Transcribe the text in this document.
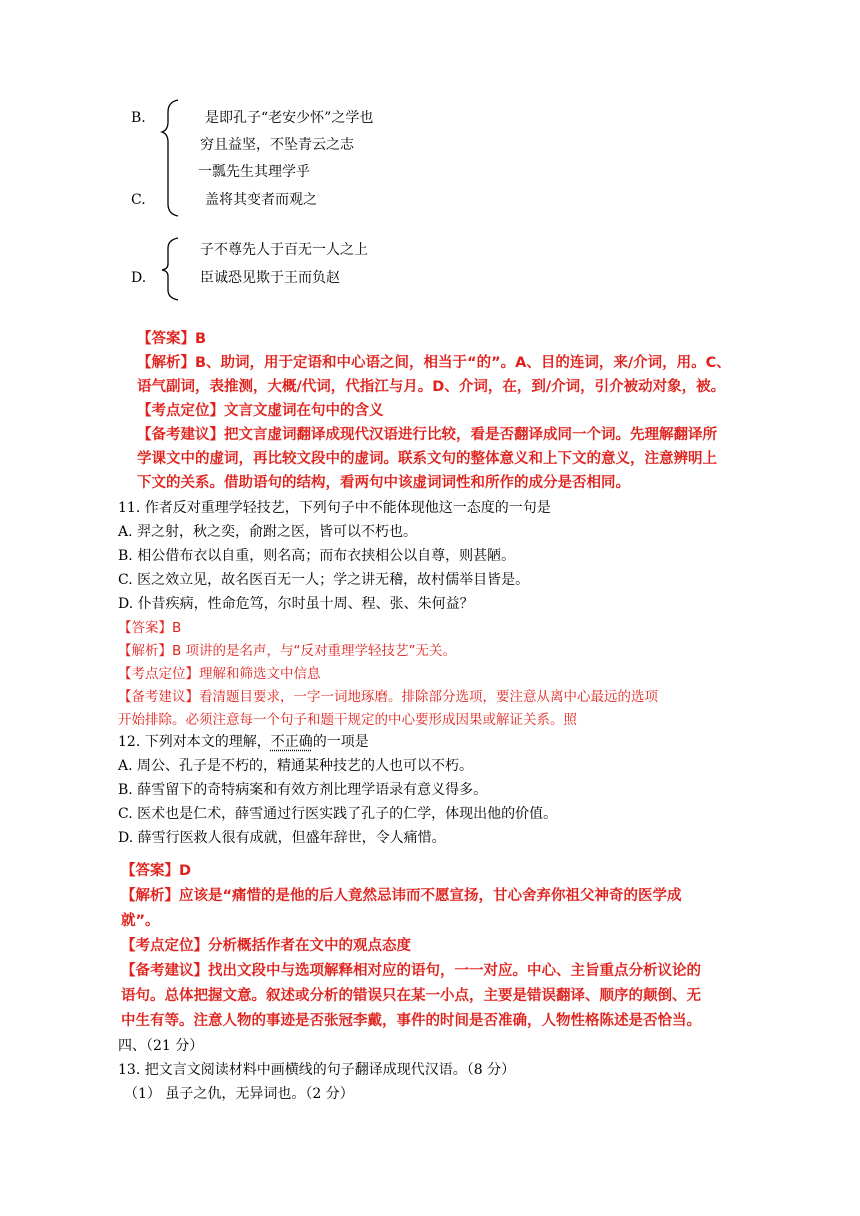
B.	是即孔子“老安少怀”之学也
穷且益坚，不坠青云之志
一瓢先生其理学乎
C.	盖将其变者而观之
子不尊先人于百无一人之上
D.	臣诚恐见欺于王而负赵
【答案】B
【解析】B、助词，用于定语和中心语之间，相当于“的”。A、目的连词，来/介词，用。C、
语气副词，表推测，大概/代词，代指江与月。D、介词，在，到/介词，引介被动对象，被。
【考点定位】文言文虚词在句中的含义
【备考建议】把文言虚词翻译成现代汉语进行比较，看是否翻译成同一个词。先理解翻译所
学课文中的虚词，再比较文段中的虚词。联系文句的整体意义和上下文的意义，注意辨明上
下文的关系。借助语句的结构，看两句中该虚词词性和所作的成分是否相同。
11. 作者反对重理学轻技艺，下列句子中不能体现他这一态度的一句是
A. 羿之射，秋之奕，俞跗之医，皆可以不朽也。
B. 相公借布衣以自重，则名高；而布衣挟相公以自尊，则甚陋。
C. 医之效立见，故名医百无一人；学之讲无稽，故村儒举目皆是。
D. 仆昔疾病，性命危笃，尔时虽十周、程、张、朱何益？
【答案】B
【解析】B 项讲的是名声，与“反对重理学轻技艺”无关。
【考点定位】理解和筛选文中信息
【备考建议】看清题目要求，一字一词地琢磨。排除部分选项，要注意从离中心最远的选项
开始排除。必须注意每一个句子和题干规定的中心要形成因果或解证关系。照
12. 下列对本文的理解，不正确的一项是
A. 周公、孔子是不朽的，精通某种技艺的人也可以不朽。
B. 薛雪留下的奇特病案和有效方剂比理学语录有意义得多。
C. 医术也是仁术，薛雪通过行医实践了孔子的仁学，体现出他的价值。
D. 薛雪行医救人很有成就，但盛年辞世，令人痛惜。
【答案】D
【解析】应该是“痛惜的是他的后人竟然忌讳而不愿宣扬，甘心舍弃你祖父神奇的医学成
就”。
【考点定位】分析概括作者在文中的观点态度
【备考建议】找出文段中与选项解释相对应的语句，一一对应。中心、主旨重点分析议论的
语句。总体把握文意。叙述或分析的错误只在某一小点，主要是错误翻译、顺序的颠倒、无
中生有等。注意人物的事迹是否张冠李戴，事件的时间是否准确，人物性格陈述是否恰当。
四、（21 分）
13. 把文言文阅读材料中画横线的句子翻译成现代汉语。（8 分）
（1） 虽子之仇，无异词也。（2 分）
